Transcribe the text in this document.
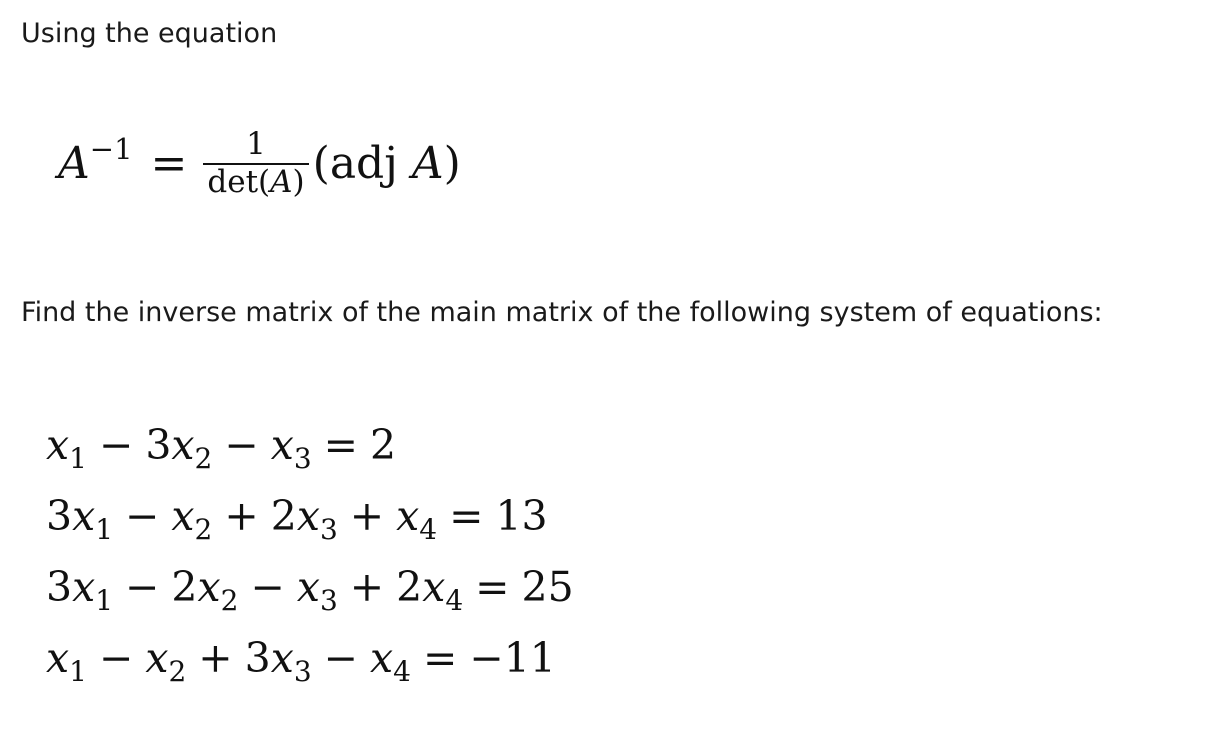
Using the equation
$A^{-1} = \frac{1}{\det(A)} (adj$ A)
Find the inverse matrix of the main matrix of the following system of equations:
$x_1 - 3x_2 - x_3 = 2$
$3x_1 - x_2 + 2x_3 + x_4 = 13$
$3x_1 - 2x_2 - x_3 + 2x_4 = 25$
$x_1 - x_2 + 3x_3 - x_4 = -11$
